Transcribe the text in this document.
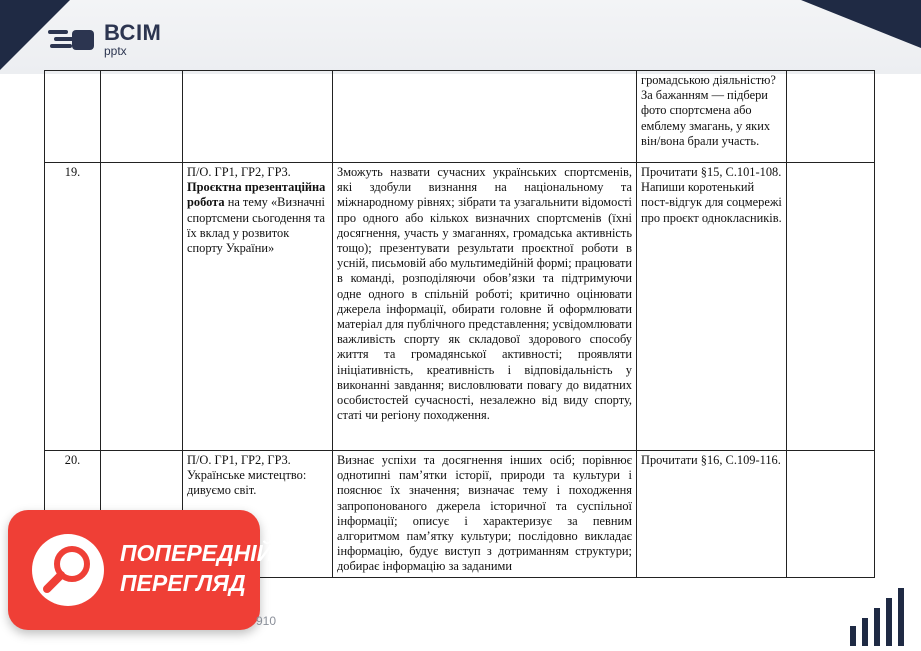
ВСІМ
pptx
				громадською діяльністю?
За бажанням — підбери фото спортсмена або емблему змагань, у яких він/вона брали участь.	
19.		П/О. ГР1, ГР2, ГР3. Проєктна презентаційна робота на тему «Визначні спортсмени сьогодення та їх вклад у розвиток спорту України»	Зможуть назвати сучасних українських спортсменів, які здобули визнання на національному та міжнародному рівнях; зібрати та узагальнити відомості про одного або кількох визначних спортсменів (їхні досягнення, участь у змаганнях, громадська активність тощо); презентувати результати проєктної роботи в усній, письмовій або мультимедійній формі; працювати в команді, розподіляючи обов’язки та підтримуючи одне одного в спільній роботі; критично оцінювати джерела інформації, обирати головне й оформлювати матеріал для публічного представлення; усвідомлювати важливість спорту як складової здорового способу життя та громадянської активності; проявляти ініціативність, креативність і відповідальність у виконанні завдання; висловлювати повагу до видатних особистостей сучасності, незалежно від виду спорту, статі чи регіону походження.	Прочитати §15, С.101-108.
Напиши коротенький пост-відгук для соцмережі про проєкт однокласників.	
20.		П/О. ГР1, ГР2, ГР3. Українське мистецтво: дивуємо світ.	Визнає успіхи та досягнення інших осіб; порівнює однотипні пам’ятки історії, природи та культури і пояснює їх значення; визначає тему і походження запропонованого джерела історичної та суспільної інформації; описує і характеризує за певним алгоритмом пам’ятку культури; послідовно викладає інформацію, будує виступ з дотриманням структури; добирає інформацію за заданими	Прочитати §16, С.109-116.	
ПОПЕРЕДНІЙ
ПЕРЕГЛЯД
910
